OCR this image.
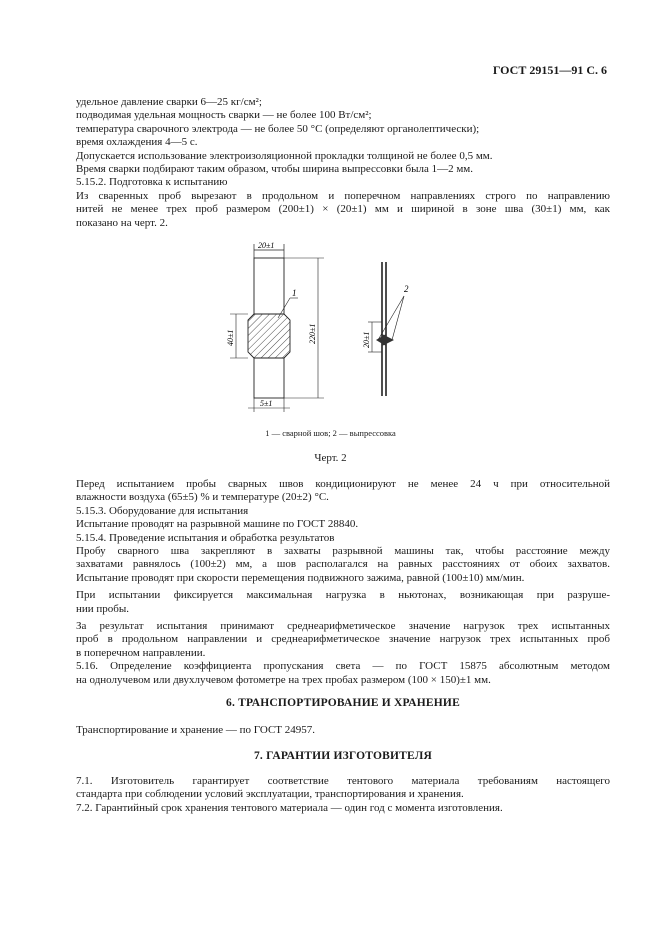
ГОСТ 29151—91 С. 6
удельное давление сварки 6—25 кг/см²;
подводимая удельная мощность сварки — не более 100 Вт/см²;
температура сварочного электрода — не более 50 °С (определяют органолептически);
время охлаждения 4—5 с.
Допускается использование электроизоляционной прокладки толщиной не более 0,5 мм.
Время сварки подбирают таким образом, чтобы ширина выпрессовки была 1—2 мм.
5.15.2. Подготовка к испытанию
Из сваренных проб вырезают в продольном и поперечном направлениях строго по направлению
нитей не менее трех проб размером (200±1) × (20±1) мм и шириной в зоне шва (30±1) мм, как
показано на черт. 2.
20±1
1
40±1	220±1
5±1
20±1
2
1 — сварной шов; 2 — выпрессовка
Черт. 2
Перед испытанием пробы сварных швов кондиционируют не менее 24 ч при относительной
влажности воздуха (65±5) % и температуре (20±2) °С.
5.15.3. Оборудование для испытания
Испытание проводят на разрывной машине по ГОСТ 28840.
5.15.4. Проведение испытания и обработка результатов
Пробу сварного шва закрепляют в захваты разрывной машины так, чтобы расстояние между
захватами равнялось (100±2) мм, а шов располагался на равных расстояниях от обоих захватов.
Испытание проводят при скорости перемещения подвижного зажима, равной (100±10) мм/мин.
При испытании фиксируется максимальная нагрузка в ньютонах, возникающая при разруше-
нии пробы.
За результат испытания принимают среднеарифметическое значение нагрузок трех испытанных
проб в продольном направлении и среднеарифметическое значение нагрузок трех испытанных проб
в поперечном направлении.
5.16. Определение коэффициента пропускания света — по ГОСТ 15875 абсолютным методом
на однолучевом или двухлучевом фотометре на трех пробах размером (100 × 150)±1 мм.
6. ТРАНСПОРТИРОВАНИЕ И ХРАНЕНИЕ
Транспортирование и хранение — по ГОСТ 24957.
7. ГАРАНТИИ ИЗГОТОВИТЕЛЯ
7.1. Изготовитель гарантирует соответствие тентового материала требованиям настоящего
стандарта при соблюдении условий эксплуатации, транспортирования и хранения.
7.2. Гарантийный срок хранения тентового материала — один год с момента изготовления.
